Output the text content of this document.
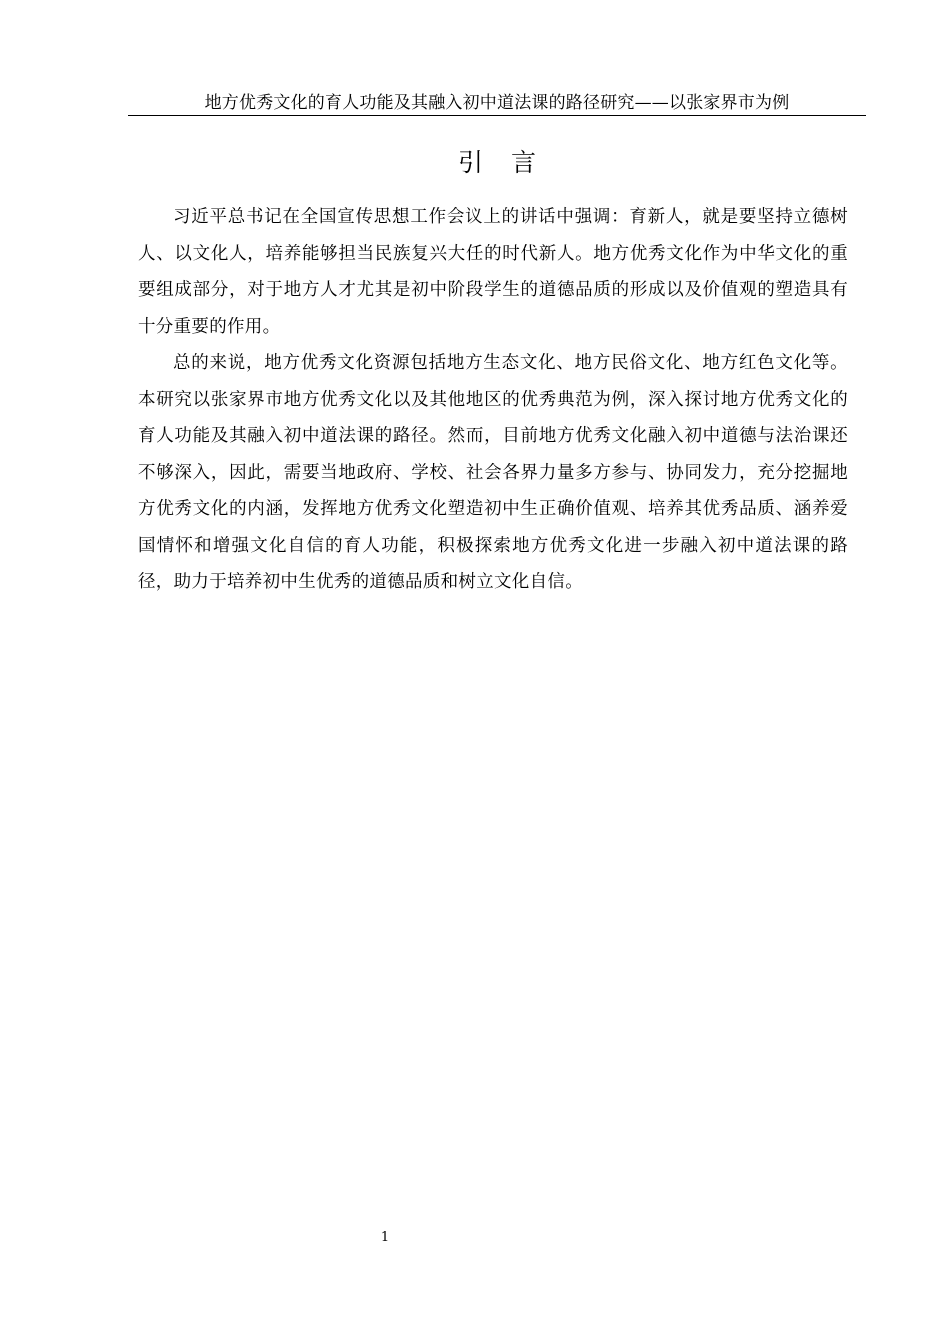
地方优秀文化的育人功能及其融入初中道法课的路径研究——以张家界市为例
引 言

习近平总书记在全国宣传思想工作会议上的讲话中强调：育新人，就是要坚持立德树人、以文化人，培养能够担当民族复兴大任的时代新人。地方优秀文化作为中华文化的重要组成部分，对于地方人才尤其是初中阶段学生的道德品质的形成以及价值观的塑造具有十分重要的作用。

总的来说，地方优秀文化资源包括地方生态文化、地方民俗文化、地方红色文化等。本研究以张家界市地方优秀文化以及其他地区的优秀典范为例，深入探讨地方优秀文化的育人功能及其融入初中道法课的路径。然而，目前地方优秀文化融入初中道德与法治课还不够深入，因此，需要当地政府、学校、社会各界力量多方参与、协同发力，充分挖掘地方优秀文化的内涵，发挥地方优秀文化塑造初中生正确价值观、培养其优秀品质、涵养爱国情怀和增强文化自信的育人功能，积极探索地方优秀文化进一步融入初中道法课的路径，助力于培养初中生优秀的道德品质和树立文化自信。

1
